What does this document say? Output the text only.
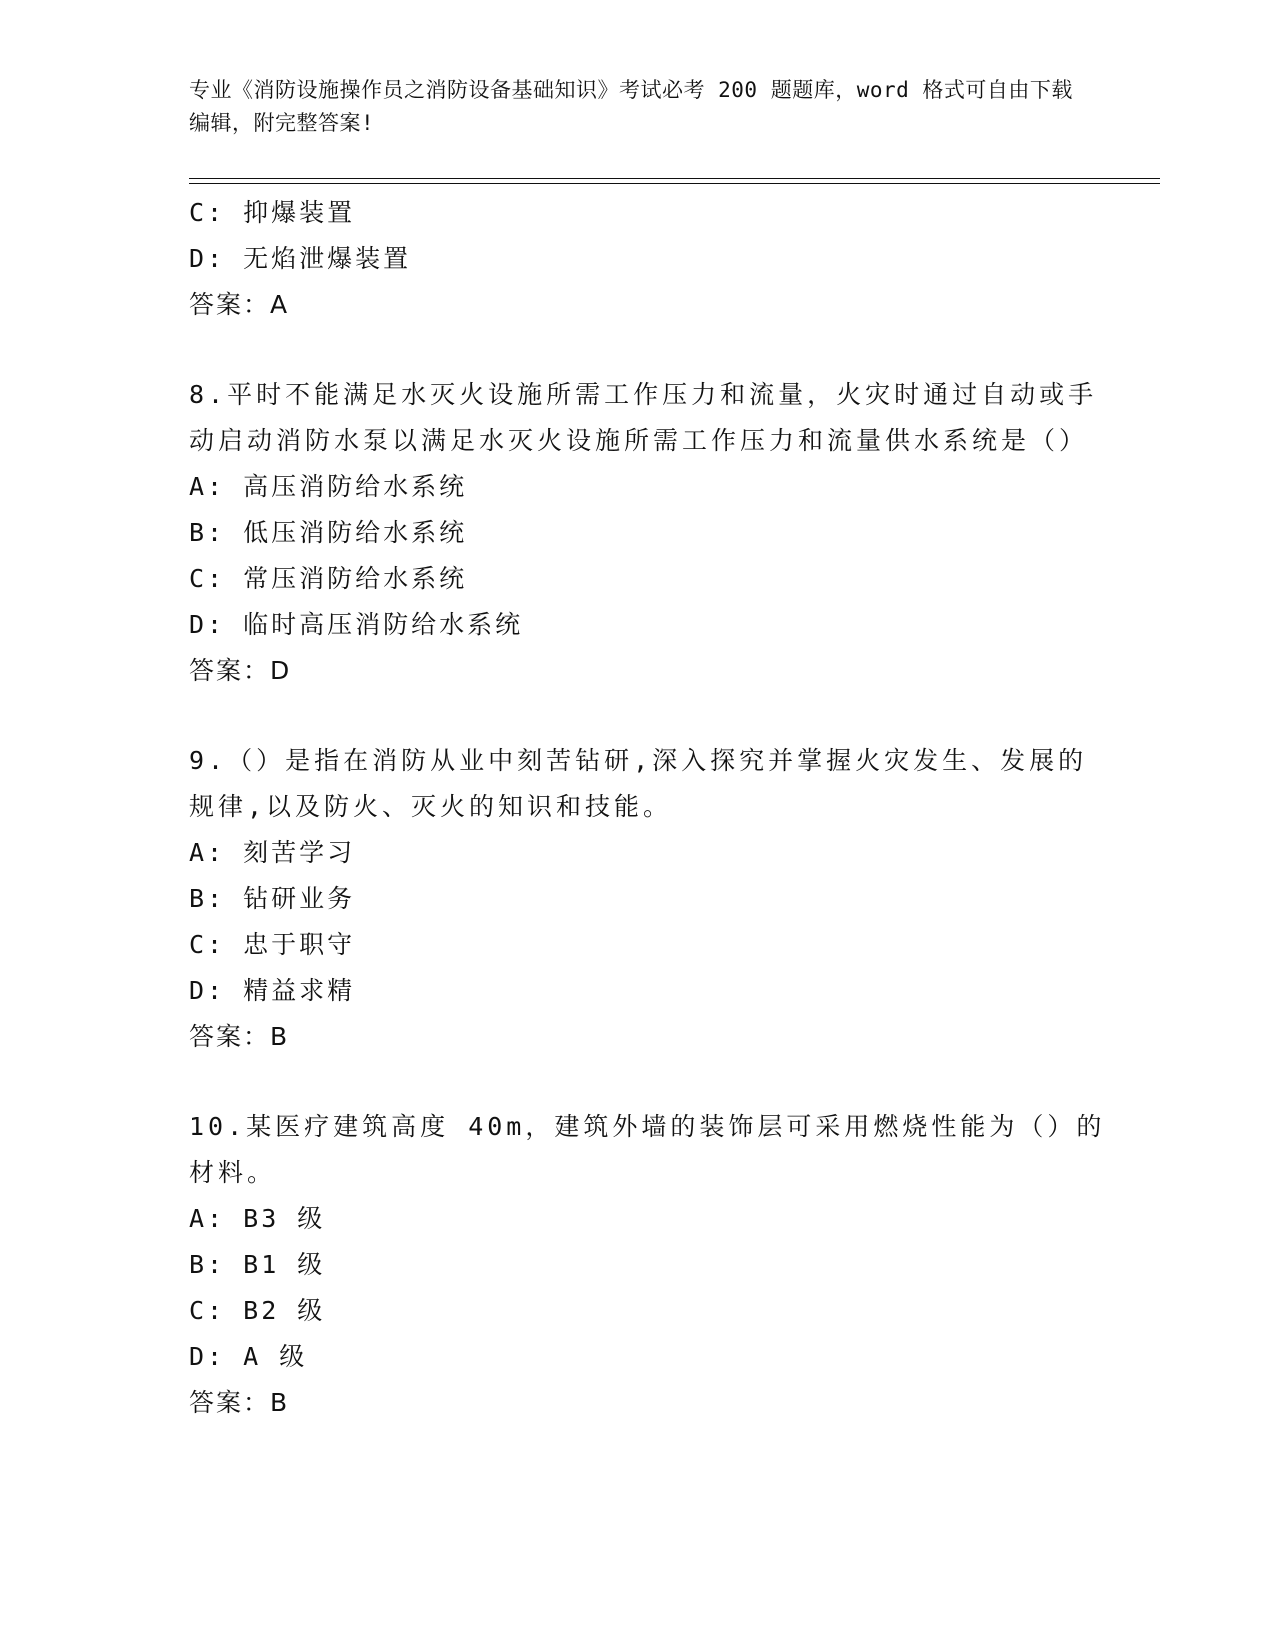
专业《消防设施操作员之消防设备基础知识》考试必考 200 题题库，word 格式可自由下载编辑，附完整答案!
C: 抑爆装置
D: 无焰泄爆装置
答案：A
8.平时不能满足水灭火设施所需工作压力和流量，火灾时通过自动或手动启动消防水泵以满足水灭火设施所需工作压力和流量供水系统是（）
A: 高压消防给水系统
B: 低压消防给水系统
C: 常压消防给水系统
D: 临时高压消防给水系统
答案：D
9.（）是指在消防从业中刻苦钻研,深入探究并掌握火灾发生、发展的规律,以及防火、灭火的知识和技能。
A: 刻苦学习
B: 钻研业务
C: 忠于职守
D: 精益求精
答案：B
10.某医疗建筑高度 40m，建筑外墙的装饰层可采用燃烧性能为（）的材料。
A: B3 级
B: B1 级
C: B2 级
D: A 级
答案：B
